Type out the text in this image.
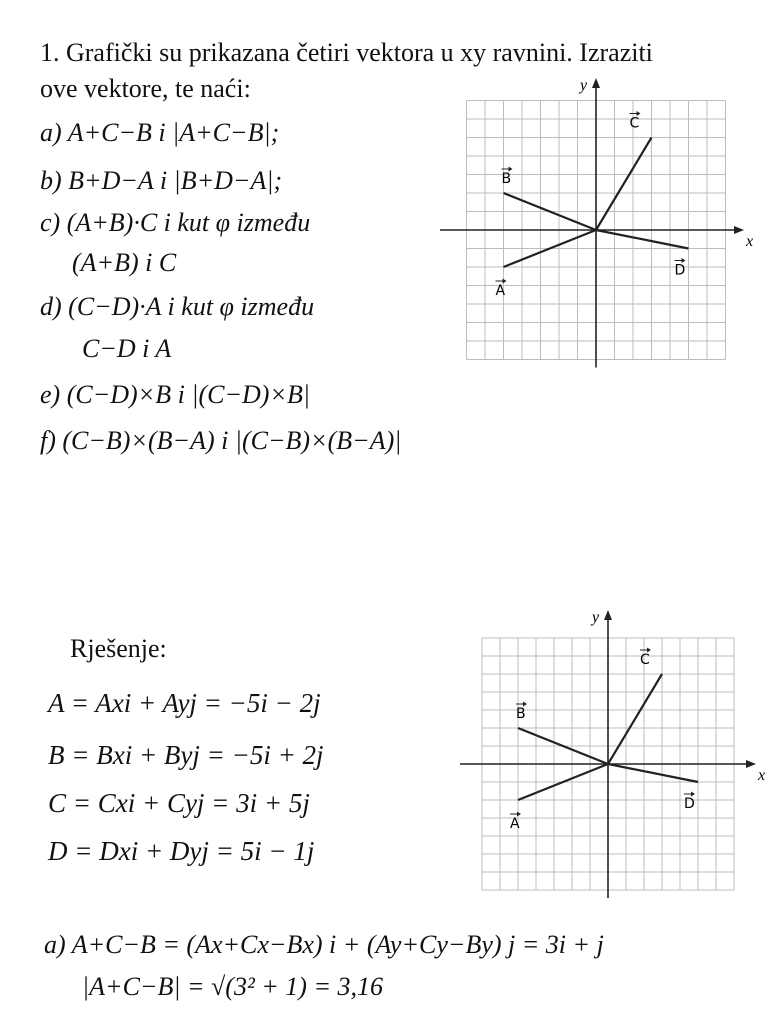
1. Grafički su prikazana četiri vektora u xy ravnini. Izraziti
ove vektore, te naći:
a) A+C−B i |A+C−B|;
b) B+D−A i |B+D−A|;
c) (A+B)·C i kut φ između
(A+B) i C
d) (C−D)·A i kut φ između
C−D i A
e) (C−D)×B i |(C−D)×B|
f) (C−B)×(B−A) i |(C−B)×(B−A)|
x
y
A
B
C
D
Rješenje:
A = Axi + Ayj = −5i − 2j
B = Bxi + Byj = −5i + 2j
C = Cxi + Cyj = 3i + 5j
D = Dxi + Dyj = 5i − 1j
x
y
A
B
C
D
a) A+C−B = (Ax+Cx−Bx) i + (Ay+Cy−By) j = 3i + j
|A+C−B| = √(3² + 1) = 3,16
